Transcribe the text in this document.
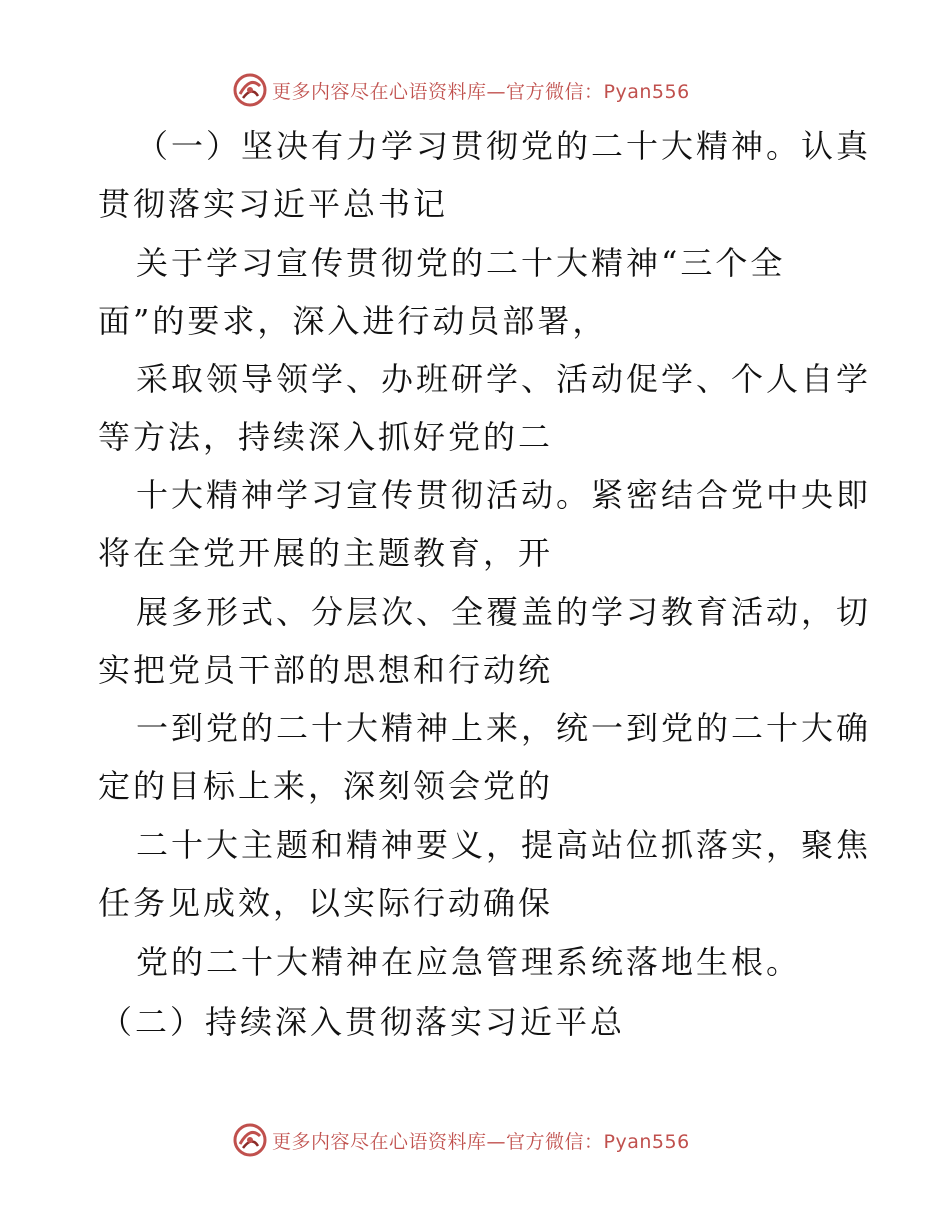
更多内容尽在心语资料库—官方微信：Pyan556
（一）坚决有力学习贯彻党的二十大精神。认真
贯彻落实习近平总书记
关于学习宣传贯彻党的二十大精神“三个全
面”的要求，深入进行动员部署，
采取领导领学、办班研学、活动促学、个人自学
等方法，持续深入抓好党的二
十大精神学习宣传贯彻活动。紧密结合党中央即
将在全党开展的主题教育，开
展多形式、分层次、全覆盖的学习教育活动，切
实把党员干部的思想和行动统
一到党的二十大精神上来，统一到党的二十大确
定的目标上来，深刻领会党的
二十大主题和精神要义，提高站位抓落实，聚焦
任务见成效，以实际行动确保
党的二十大精神在应急管理系统落地生根。
（二）持续深入贯彻落实习近平总
更多内容尽在心语资料库—官方微信：Pyan556
